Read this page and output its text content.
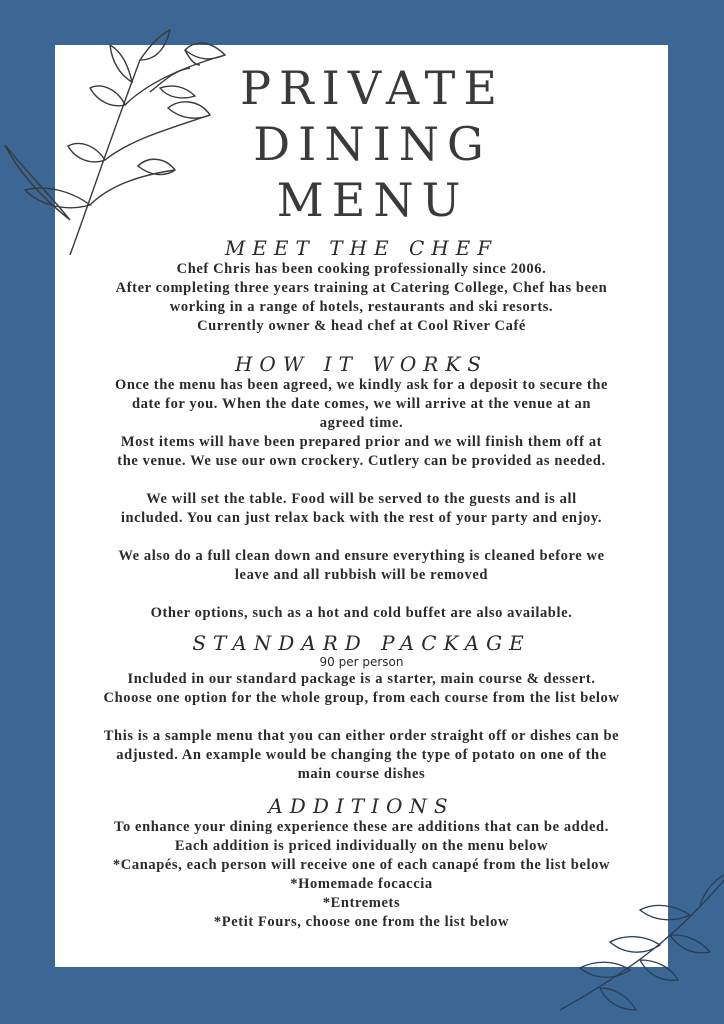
PRIVATE
DINING
MENU
MEET THE CHEF
Chef Chris has been cooking professionally since 2006.
After completing three years training at Catering College, Chef has been
working in a range of hotels, restaurants and ski resorts.
Currently owner & head chef at Cool River Café
HOW IT WORKS
Once the menu has been agreed, we kindly ask for a deposit to secure the
date for you. When the date comes, we will arrive at the venue at an
agreed time.
Most items will have been prepared prior and we will finish them off at
the venue. We use our own crockery. Cutlery can be provided as needed.
We will set the table. Food will be served to the guests and is all
included. You can just relax back with the rest of your party and enjoy.
We also do a full clean down and ensure everything is cleaned before we
leave and all rubbish will be removed
Other options, such as a hot and cold buffet are also available.
STANDARD PACKAGE
90 per person
Included in our standard package is a starter, main course & dessert.
Choose one option for the whole group, from each course from the list below
This is a sample menu that you can either order straight off or dishes can be
adjusted. An example would be changing the type of potato on one of the
main course dishes
ADDITIONS
To enhance your dining experience these are additions that can be added.
Each addition is priced individually on the menu below
*Canapés, each person will receive one of each canapé from the list below
*Homemade focaccia
*Entremets
*Petit Fours, choose one from the list below
